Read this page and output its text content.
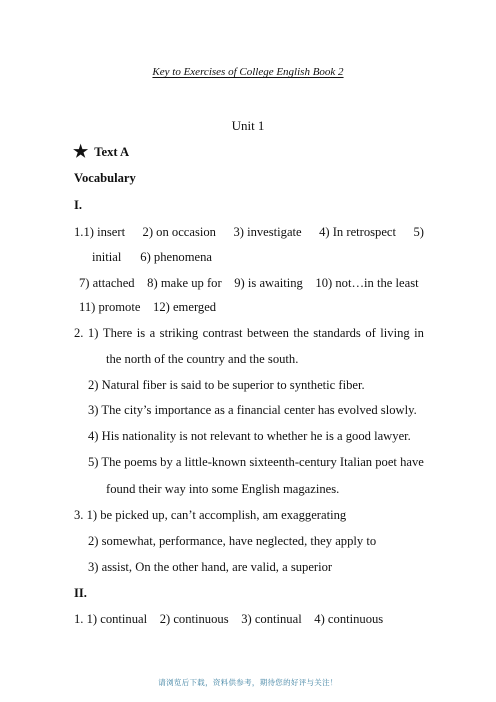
Key to Exercises of College English Book 2
Unit 1
★ Text A
Vocabulary
I.
1.1) insert 2) on occasion 3) investigate 4) In retrospect 5)
initial      6) phenomena
7) attached    8) make up for    9) is awaiting    10) not…in the least
11) promote    12) emerged
2. 1) There is a striking contrast between the standards of living in
the north of the country and the south.
2) Natural fiber is said to be superior to synthetic fiber.
3) The city’s importance as a financial center has evolved slowly.
4) His nationality is not relevant to whether he is a good lawyer.
5) The poems by a little-known sixteenth-century Italian poet have
found their way into some English magazines.
3. 1) be picked up, can’t accomplish, am exaggerating
2) somewhat, performance, have neglected, they apply to
3) assist, On the other hand, are valid, a superior
II.
1. 1) continual    2) continuous    3) continual    4) continuous
请浏览后下载，资料供参考，期待您的好评与关注！
